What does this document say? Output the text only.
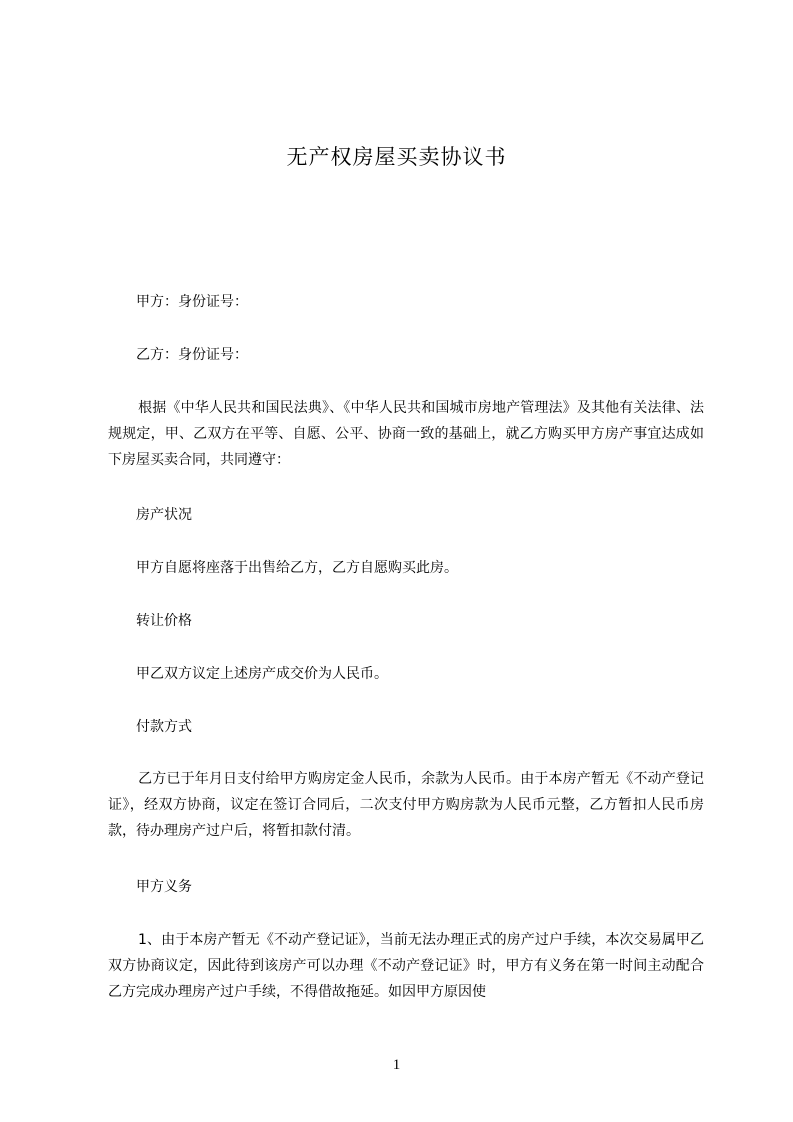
无产权房屋买卖协议书
甲方：身份证号：
乙方：身份证号：
根据《中华人民共和国民法典》、《中华人民共和国城市房地产管理法》及其他有关法律、法规规定，甲、乙双方在平等、自愿、公平、协商一致的基础上，就乙方购买甲方房产事宜达成如下房屋买卖合同，共同遵守：
房产状况
甲方自愿将座落于出售给乙方，乙方自愿购买此房。
转让价格
甲乙双方议定上述房产成交价为人民币。
付款方式
乙方已于年月日支付给甲方购房定金人民币，余款为人民币。由于本房产暂无《不动产登记证》，经双方协商，议定在签订合同后，二次支付甲方购房款为人民币元整，乙方暂扣人民币房款，待办理房产过户后，将暂扣款付清。
甲方义务
1、由于本房产暂无《不动产登记证》，当前无法办理正式的房产过户手续，本次交易属甲乙双方协商议定，因此待到该房产可以办理《不动产登记证》时，甲方有义务在第一时间主动配合乙方完成办理房产过户手续，不得借故拖延。如因甲方原因使
1
